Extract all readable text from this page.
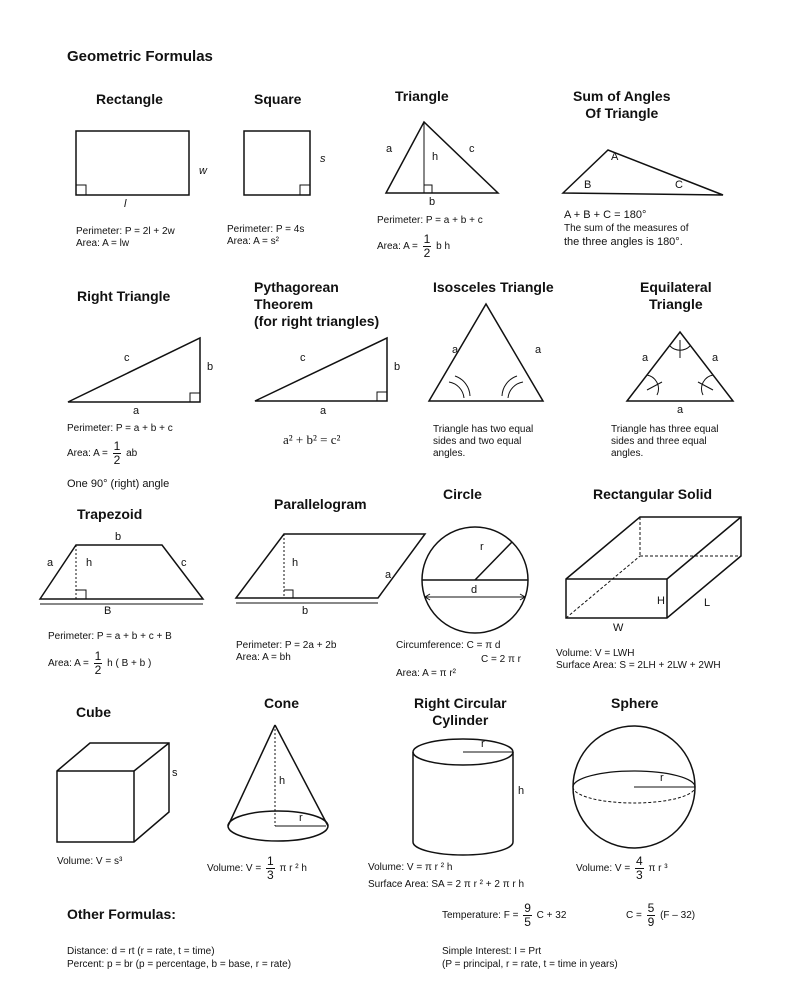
Geometric Formulas
Rectangle
w
l
Perimeter: P = 2l + 2w
Area: A = lw
Square
s
Perimeter: P = 4s
Area: A = s²
Triangle
a	c
h
b
Perimeter: P = a + b + c
Area: $A = \frac{1}{2}$ b h
Sum of Angles
Of Triangle
A
B	C
A + B + C = 180°
The sum of the measures of
the three angles is 180°.
Right Triangle
c
b
a
Perimeter: P = a + b + c
Area: $A = \frac{1}{2}$ ab
One 90° (right) angle
Pythagorean
Theorem
(for right triangles)
c
b
a
a² + b² = c²
Isosceles Triangle
a	a
Triangle has two equal
sides and two equal
angles.
Equilateral
Triangle
a	a
a
Triangle has three equal
sides and three equal
angles.
Trapezoid
b
a	h	c
B
Perimeter: P = a + b + c + B
Area: $A = \frac{1}{2}$ h ( B + b )
Parallelogram
h
a
b
Perimeter: P = 2a + 2b
Area: A = bh
Circle
r
d
Circumference: C = π d
C = 2 π r
Area: A = π r²
Rectangular Solid
H	L
W
Volume: V = LWH
Surface Area: S = 2LH + 2LW + 2WH
Cube
s
Volume: V = s³
Cone
h
r
Volume: $V = \frac{1}{3}$ π r ² h
Right Circular
Cylinder
r
h
Volume: V = π r ² h
Surface Area: SA = 2 π r ² + 2 π r h
Sphere
r
Volume: $V = \frac{4}{3}$ π r ³
Other Formulas:	Temperature: $F = \frac{9}{5}$ C + 32	$C = \frac{5}{9} (F - 32)$
Distance: d = rt (r = rate, t = time)
Percent: p = br (p = percentage, b = base, r = rate)
Simple Interest: I = Prt
(P = principal, r = rate, t = time in years)
